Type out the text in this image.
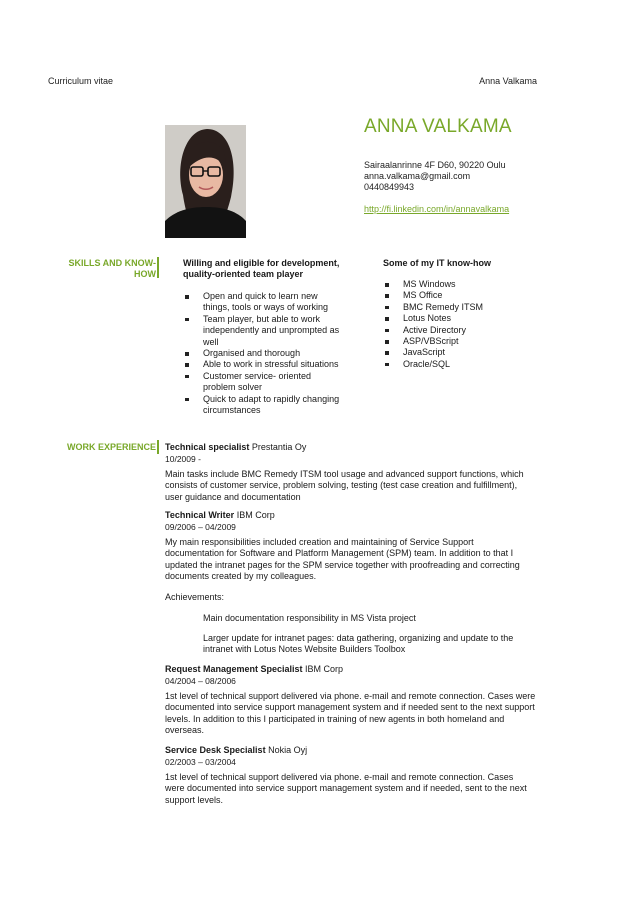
Curriculum vitae	Anna Valkama
ANNA VALKAMA
Sairaalanrinne 4F D60, 90220 Oulu
anna.valkama@gmail.com
0440849943
http://fi.linkedin.com/in/annavalkama
SKILLS AND KNOW-
HOW
Willing and eligible for development,
quality-oriented team player
Open and quick to learn new
things, tools or ways of working
Team player, but able to work
independently and unprompted as
well
Organised and thorough
Able to work in stressful situations
Customer service- oriented
problem solver
Quick to adapt to rapidly changing
circumstances
Some of my IT know-how
MS Windows
MS Office
BMC Remedy ITSM
Lotus Notes
Active Directory
ASP/VBScript
JavaScript
Oracle/SQL
WORK EXPERIENCE Technical specialist Prestantia Oy
10/2009 -
Main tasks include BMC Remedy ITSM tool usage and advanced support functions, which
consists of customer service, problem solving, testing (test case creation and fulfillment),
user guidance and documentation
Technical Writer IBM Corp
09/2006 – 04/2009
My main responsibilities included creation and maintaining of Service Support
documentation for Software and Platform Management (SPM) team. In addition to that I
updated the intranet pages for the SPM service together with proofreading and correcting
documents created by my colleagues.
Achievements:
Main documentation responsibility in MS Vista project
Larger update for intranet pages: data gathering, organizing and update to the
intranet with Lotus Notes Website Builders Toolbox
Request Management Specialist IBM Corp
04/2004 – 08/2006
1st level of technical support delivered via phone. e-mail and remote connection. Cases were
documented into service support management system and if needed sent to the next support
levels. In addition to this I participated in training of new agents in both homeland and
overseas.
Service Desk Specialist Nokia Oyj
02/2003 – 03/2004
1st level of technical support delivered via phone. e-mail and remote connection. Cases
were documented into service support management system and if needed, sent to the next
support levels.
